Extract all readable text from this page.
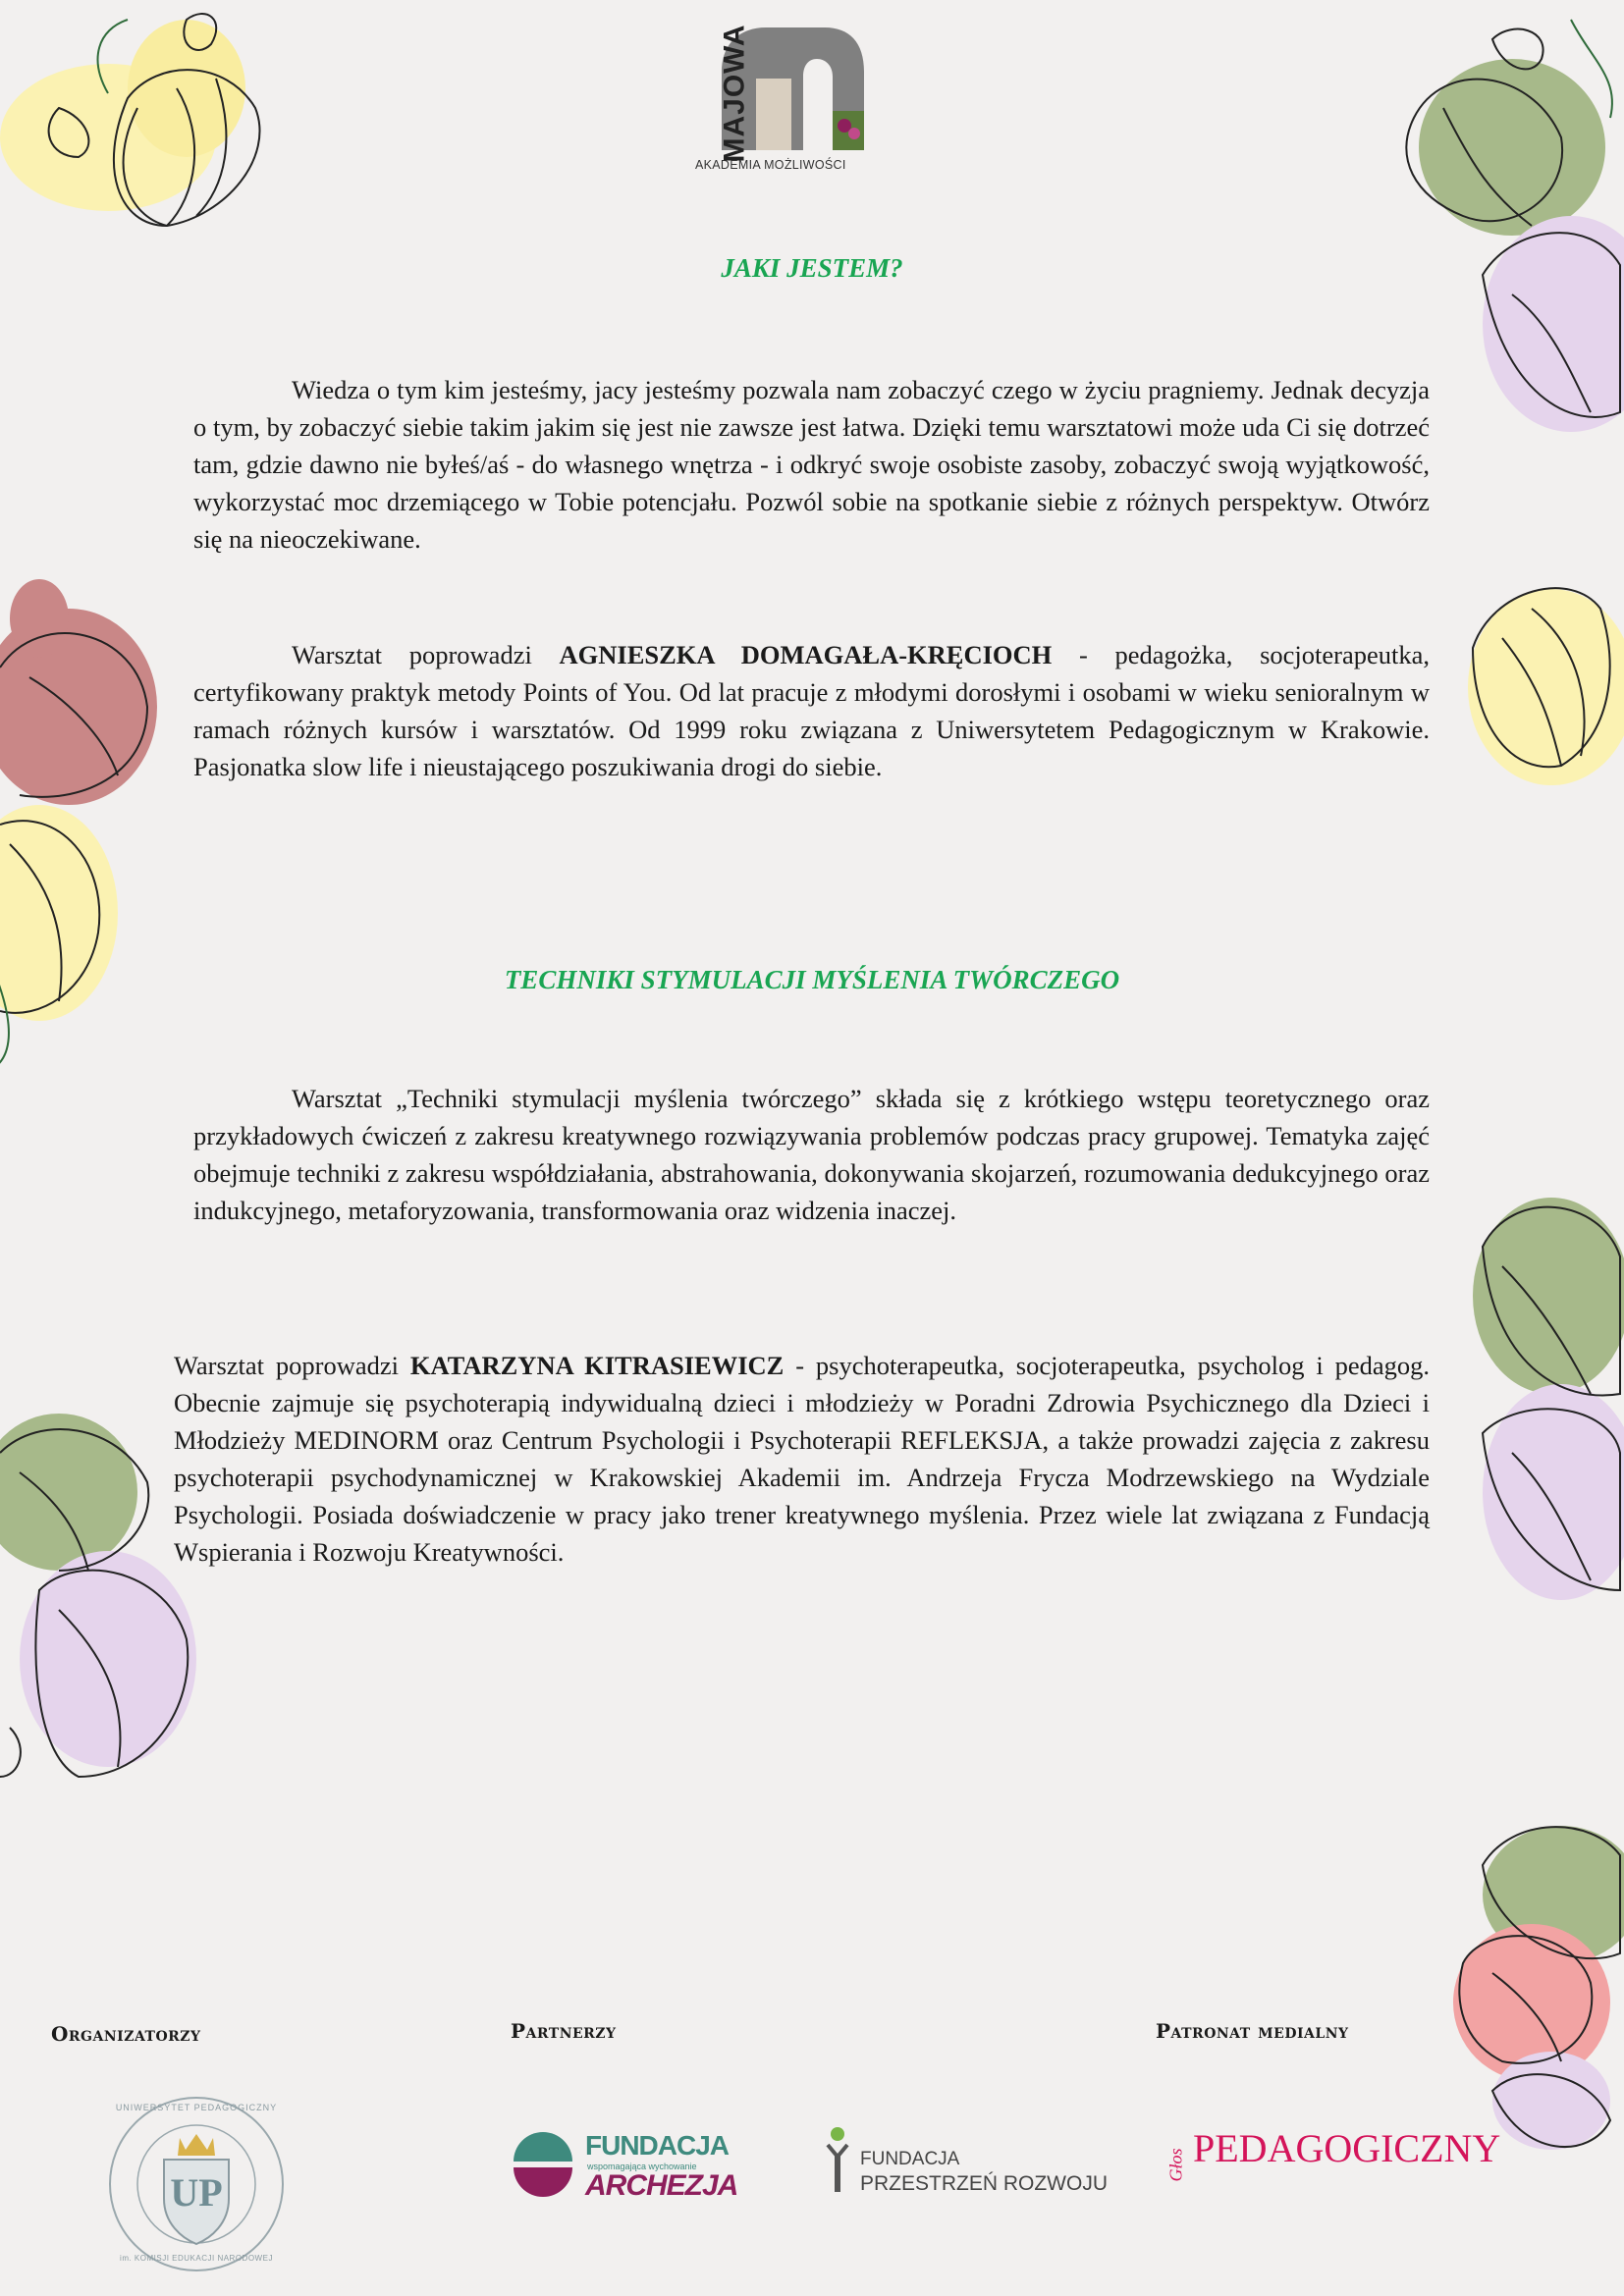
MAJOWA
AKADEMIA MOŻLIWOŚCI
JAKI JESTEM?

Wiedza o tym kim jesteśmy, jacy jesteśmy pozwala nam zobaczyć czego w życiu pragniemy. Jednak decyzja o tym, by zobaczyć siebie takim jakim się jest nie zawsze jest łatwa. Dzięki temu warsztatowi może uda Ci się dotrzeć tam, gdzie dawno nie byłeś/aś - do własnego wnętrza - i odkryć swoje osobiste zasoby, zobaczyć swoją wyjątkowość, wykorzystać moc drzemiącego w Tobie potencjału. Pozwól sobie na spotkanie siebie z różnych perspektyw. Otwórz się na nieoczekiwane.

Warsztat poprowadzi AGNIESZKA DOMAGAŁA-KRĘCIOCH - pedagożka, socjoterapeutka, certyfikowany praktyk metody Points of You. Od lat pracuje z młodymi dorosłymi i osobami w wieku senioralnym w ramach różnych kursów i warsztatów. Od 1999 roku związana z Uniwersytetem Pedagogicznym w Krakowie. Pasjonatka slow life i nieustającego poszukiwania drogi do siebie.

TECHNIKI STYMULACJI MYŚLENIA TWÓRCZEGO

Warsztat „Techniki stymulacji myślenia twórczego” składa się z krótkiego wstępu teoretycznego oraz przykładowych ćwiczeń z zakresu kreatywnego rozwiązywania problemów podczas pracy grupowej. Tematyka zajęć obejmuje techniki z zakresu współdziałania, abstrahowania, dokonywania skojarzeń, rozumowania dedukcyjnego oraz indukcyjnego, metaforyzowania, transformowania oraz widzenia inaczej.

Warsztat poprowadzi KATARZYNA KITRASIEWICZ - psychoterapeutka, socjoterapeutka, psycholog i pedagog. Obecnie zajmuje się psychoterapią indywidualną dzieci i młodzieży w Poradni Zdrowia Psychicznego dla Dzieci i Młodzieży MEDINORM oraz Centrum Psychologii i Psychoterapii REFLEKSJA, a także prowadzi zajęcia z zakresu psychoterapii psychodynamicznej w Krakowskiej Akademii im. Andrzeja Frycza Modrzewskiego na Wydziale Psychologii. Posiada doświadczenie w pracy jako trener kreatywnego myślenia. Przez wiele lat związana z Fundacją Wspierania i Rozwoju Kreatywności.

Organizatorzy	Partnerzy	Patronat medialny
UP
UNIWERSYTET PEDAGOGICZNY
im. KOMISJI EDUKACJI NARODOWEJ
FUNDACJA
wspomagająca wychowanie
ARCHEZJA
FUNDACJA
PRZESTRZEŃ ROZWOJU
Głos PEDAGOGICZNY
